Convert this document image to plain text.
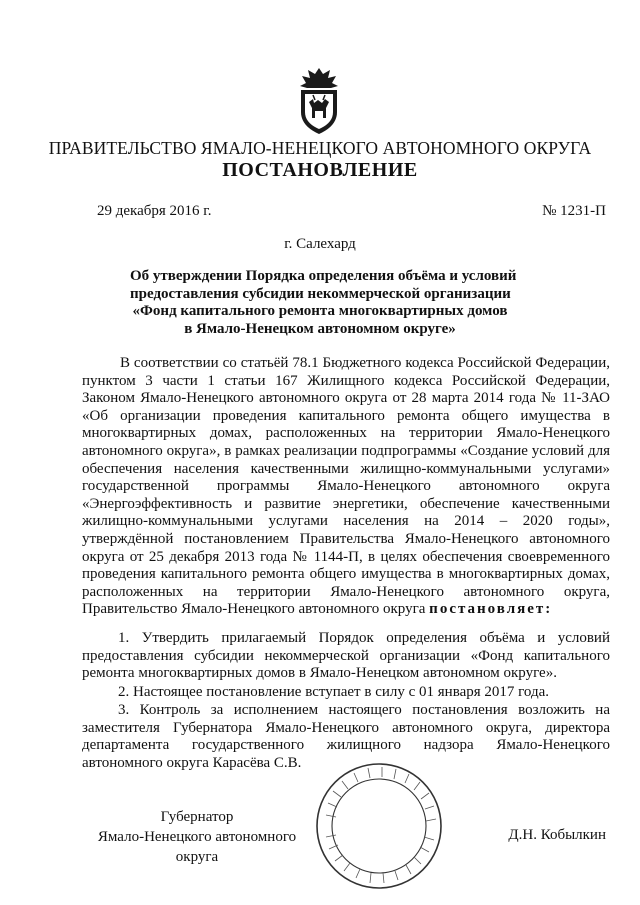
ПРАВИТЕЛЬСТВО ЯМАЛО-НЕНЕЦКОГО АВТОНОМНОГО ОКРУГА
ПОСТАНОВЛЕНИЕ
29 декабря 2016 г.	№ 1231-П
г. Салехард
Об утверждении Порядка определения объёма и условий
предоставления субсидии некоммерческой организации
«Фонд капитального ремонта многоквартирных домов
в Ямало-Ненецком автономном округе»
В соответствии со статьёй 78.1 Бюджетного кодекса Российской Федерации, пунктом 3 части 1 статьи 167 Жилищного кодекса Российской Федерации, Законом Ямало-Ненецкого автономного округа от 28 марта 2014 года № 11-ЗАО «Об организации проведения капитального ремонта общего имущества в многоквартирных домах, расположенных на территории Ямало-Ненецкого автономного округа», в рамках реализации подпрограммы «Создание условий для обеспечения населения качественными жилищно-коммунальными услугами» государственной программы Ямало-Ненецкого автономного округа «Энергоэффективность и развитие энергетики, обеспечение качественными жилищно-коммунальными услугами населения на 2014 – 2020 годы», утверждённой постановлением Правительства Ямало-Ненецкого автономного округа от 25 декабря 2013 года № 1144-П, в целях обеспечения своевременного проведения капитального ремонта общего имущества в многоквартирных домах, расположенных на территории Ямало-Ненецкого автономного округа, Правительство Ямало-Ненецкого автономного округа постановляет:
1. Утвердить прилагаемый Порядок определения объёма и условий предоставления субсидии некоммерческой организации «Фонд капитального ремонта многоквартирных домов в Ямало-Ненецком автономном округе».
2. Настоящее постановление вступает в силу с 01 января 2017 года.
3. Контроль за исполнением настоящего постановления возложить на заместителя Губернатора Ямало-Ненецкого автономного округа, директора департамента государственного жилищного надзора Ямало-Ненецкого автономного округа Карасёва С.В.
Губернатор
Ямало-Ненецкого автономного округа
Д.Н. Кобылкин
